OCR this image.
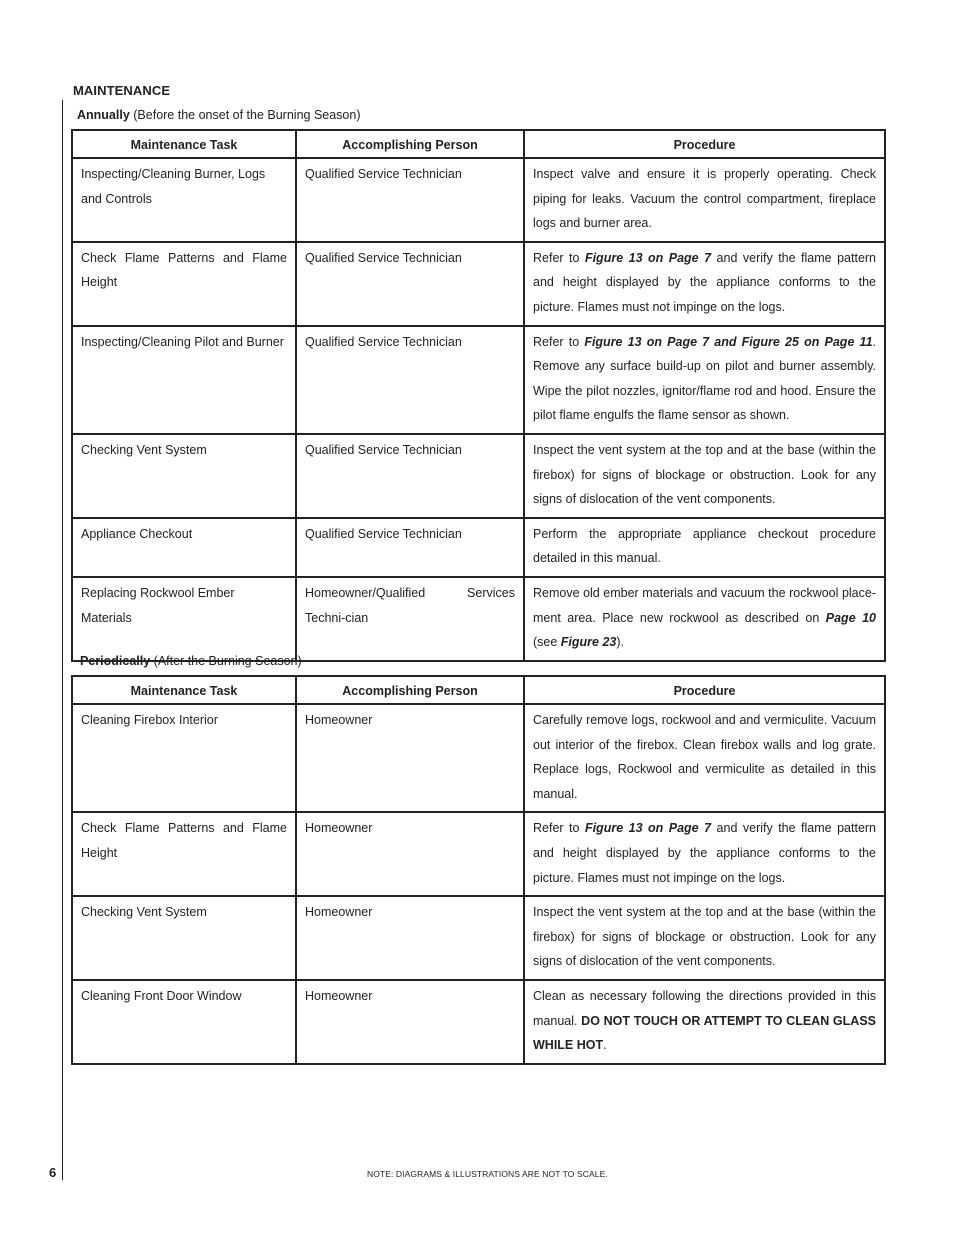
MAINTENANCE
Annually (Before the onset of the Burning Season)
Maintenance Task	Accomplishing Person	Procedure
Inspecting/Cleaning Burner, Logs and Controls	Qualified Service Technician	Inspect valve and ensure it is properly operating. Check piping for leaks. Vacuum the control compartment, fireplace logs and burner area.
Check Flame Patterns and Flame Height	Qualified Service Technician	Refer to Figure 13 on Page 7 and verify the flame pattern and height displayed by the appliance conforms to the picture. Flames must not impinge on the logs.
Inspecting/Cleaning Pilot and Burner	Qualified Service Technician	Refer to Figure 13 on Page 7 and Figure 25 on Page 11. Remove any surface build-up on pilot and burner assembly. Wipe the pilot nozzles, ignitor/flame rod and hood. Ensure the pilot flame engulfs the flame sensor as shown.
Checking Vent System	Qualified Service Technician	Inspect the vent system at the top and at the base (within the firebox) for signs of blockage or obstruction. Look for any signs of dislocation of the vent components.
Appliance Checkout	Qualified Service Technician	Perform the appropriate appliance checkout procedure detailed in this manual.
Replacing Rockwool Ember Materials	Homeowner/Qualified Services Techni-cian	Remove old ember materials and vacuum the rockwool place-ment area. Place new rockwool as described on Page 10 (see Figure 23).
Periodically (After the Burning Season)
Maintenance Task	Accomplishing Person	Procedure
Cleaning Firebox Interior	Homeowner	Carefully remove logs, rockwool and and vermiculite. Vacuum out interior of the firebox. Clean firebox walls and log grate. Replace logs, Rockwool and vermiculite as detailed in this manual.
Check Flame Patterns and Flame Height	Homeowner	Refer to Figure 13 on Page 7 and verify the flame pattern and height displayed by the appliance conforms to the picture. Flames must not impinge on the logs.
Checking Vent System	Homeowner	Inspect the vent system at the top and at the base (within the firebox) for signs of blockage or obstruction. Look for any signs of dislocation of the vent components.
Cleaning Front Door Window	Homeowner	Clean as necessary following the directions provided in this manual. DO NOT TOUCH OR ATTEMPT TO CLEAN GLASS WHILE HOT.
6	NOTE: DIAGRAMS & ILLUSTRATIONS ARE NOT TO SCALE.
